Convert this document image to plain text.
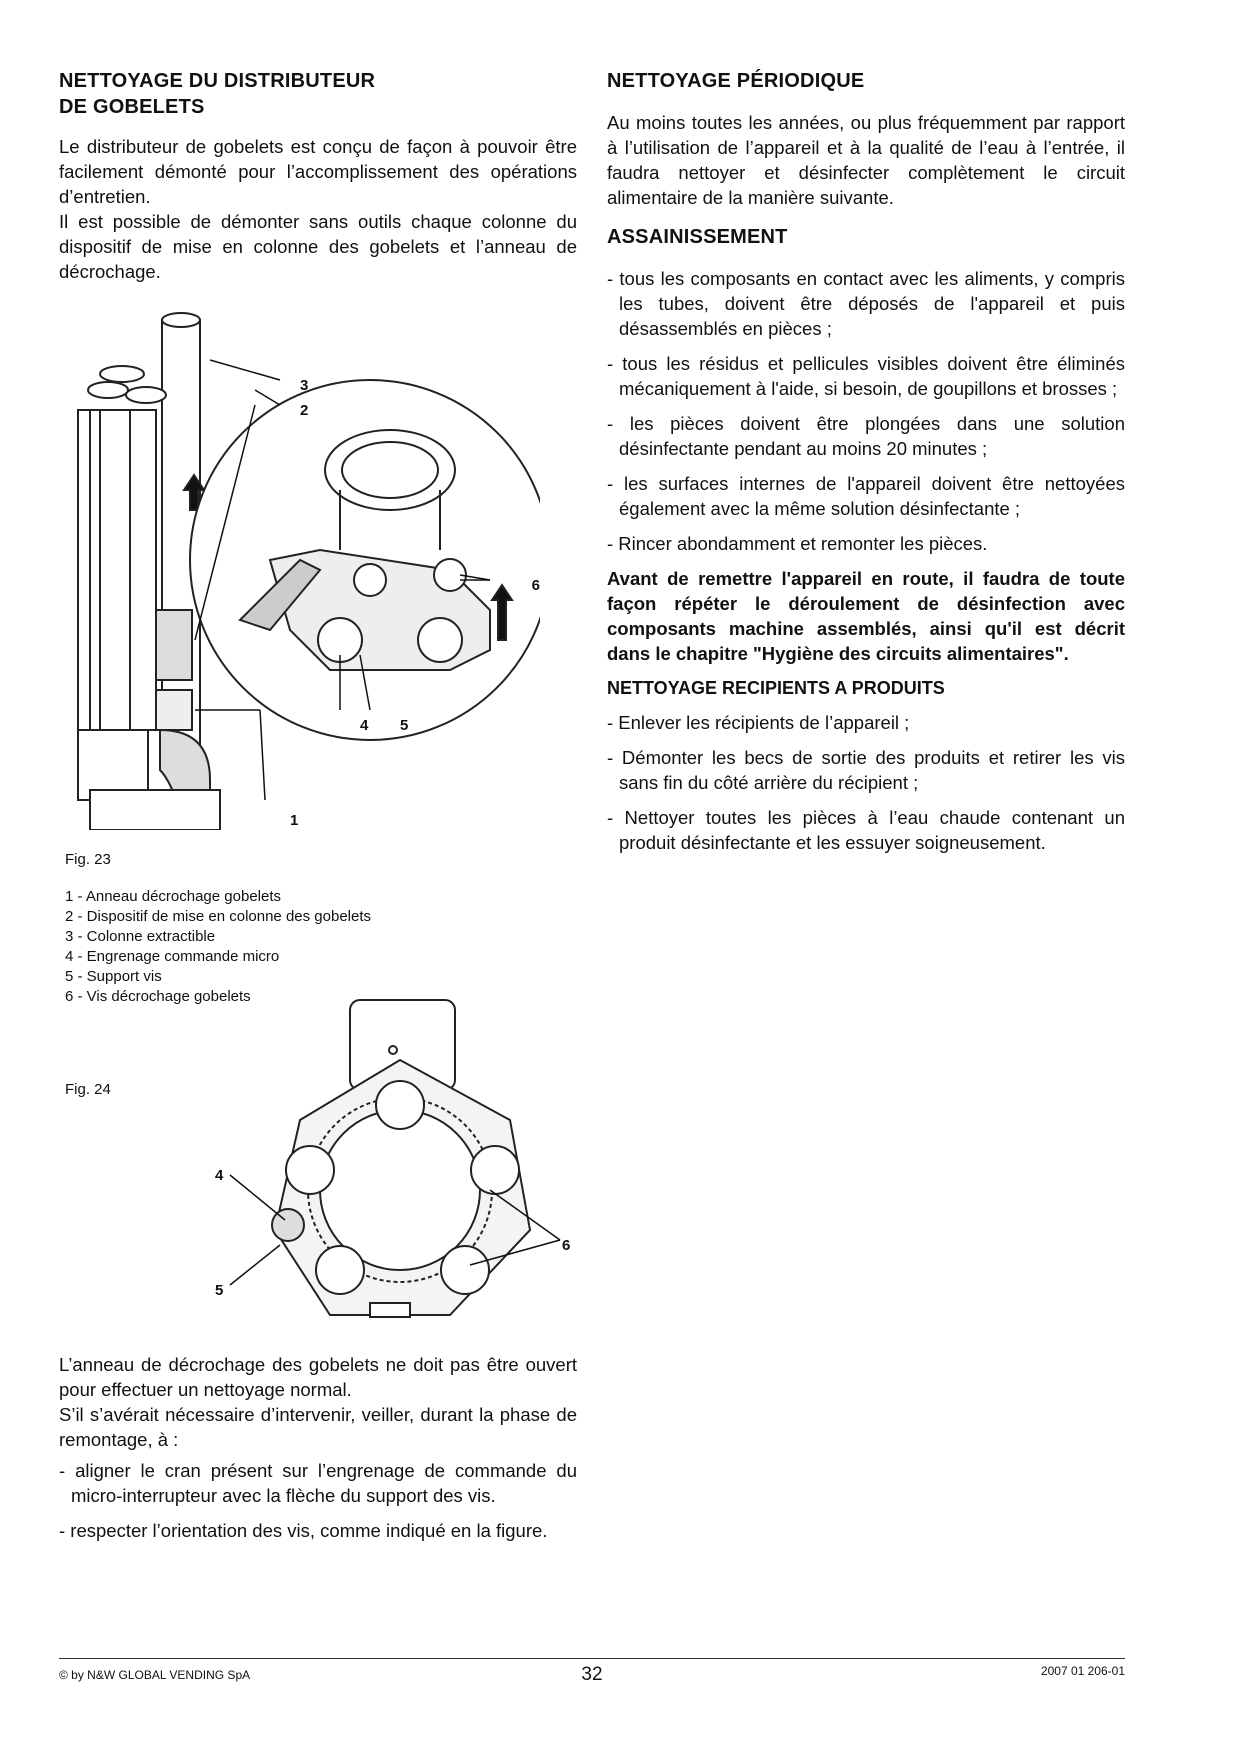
NETTOYAGE DU DISTRIBUTEUR
DE GOBELETS

Le distributeur de gobelets est conçu de façon à pouvoir être facilement démonté pour l’accomplissement des opérations d’entretien.

Il est possible de démonter sans outils chaque colonne du dispositif de mise en colonne des gobelets et l’anneau de décrochage.

3
2
6
4 5
1
Fig. 23
1 - Anneau décrochage gobelets
2 - Dispositif de mise en colonne des gobelets
3 - Colonne extractible
4 - Engrenage commande micro
5 - Support vis
6 - Vis décrochage gobelets
Fig. 24
4
5
6

L’anneau de décrochage des gobelets ne doit pas être ouvert pour effectuer un nettoyage normal.

S’il s’avérait nécessaire d’intervenir, veiller, durant la phase de remontage, à :

- aligner le cran présent sur l’engrenage de commande du micro-interrupteur avec la flèche du support des vis.

- respecter l’orientation des vis, comme indiqué en la figure.

NETTOYAGE PÉRIODIQUE

Au moins toutes les années, ou plus fréquemment par rapport à l’utilisation de l’appareil et à la qualité de l’eau à l’entrée, il faudra nettoyer et désinfecter complètement le circuit alimentaire de la manière suivante.

ASSAINISSEMENT

- tous les composants en contact avec les aliments, y compris les tubes, doivent être déposés de l'appareil et puis désassemblés en pièces ;

- tous les résidus et pellicules visibles doivent être éliminés mécaniquement à l'aide, si besoin, de goupillons et brosses ;

- les pièces doivent être plongées dans une solution désinfectante pendant au moins 20 minutes ;

- les surfaces internes de l'appareil doivent être nettoyées également avec la même solution désinfectante ;

- Rincer abondamment et remonter les pièces.

Avant de remettre l'appareil en route, il faudra de toute façon répéter le déroulement de désinfection avec composants machine assemblés, ainsi qu'il est décrit dans le chapitre "Hygiène des circuits alimentaires".

NETTOYAGE RECIPIENTS A PRODUITS

- Enlever les récipients de l’appareil ;

- Démonter les becs de sortie des produits et retirer les vis sans fin du côté arrière du récipient ;

- Nettoyer toutes les pièces à l’eau chaude contenant un produit désinfectante et les essuyer soigneusement.

© by N&W GLOBAL VENDING SpA	32	2007 01 206-01
